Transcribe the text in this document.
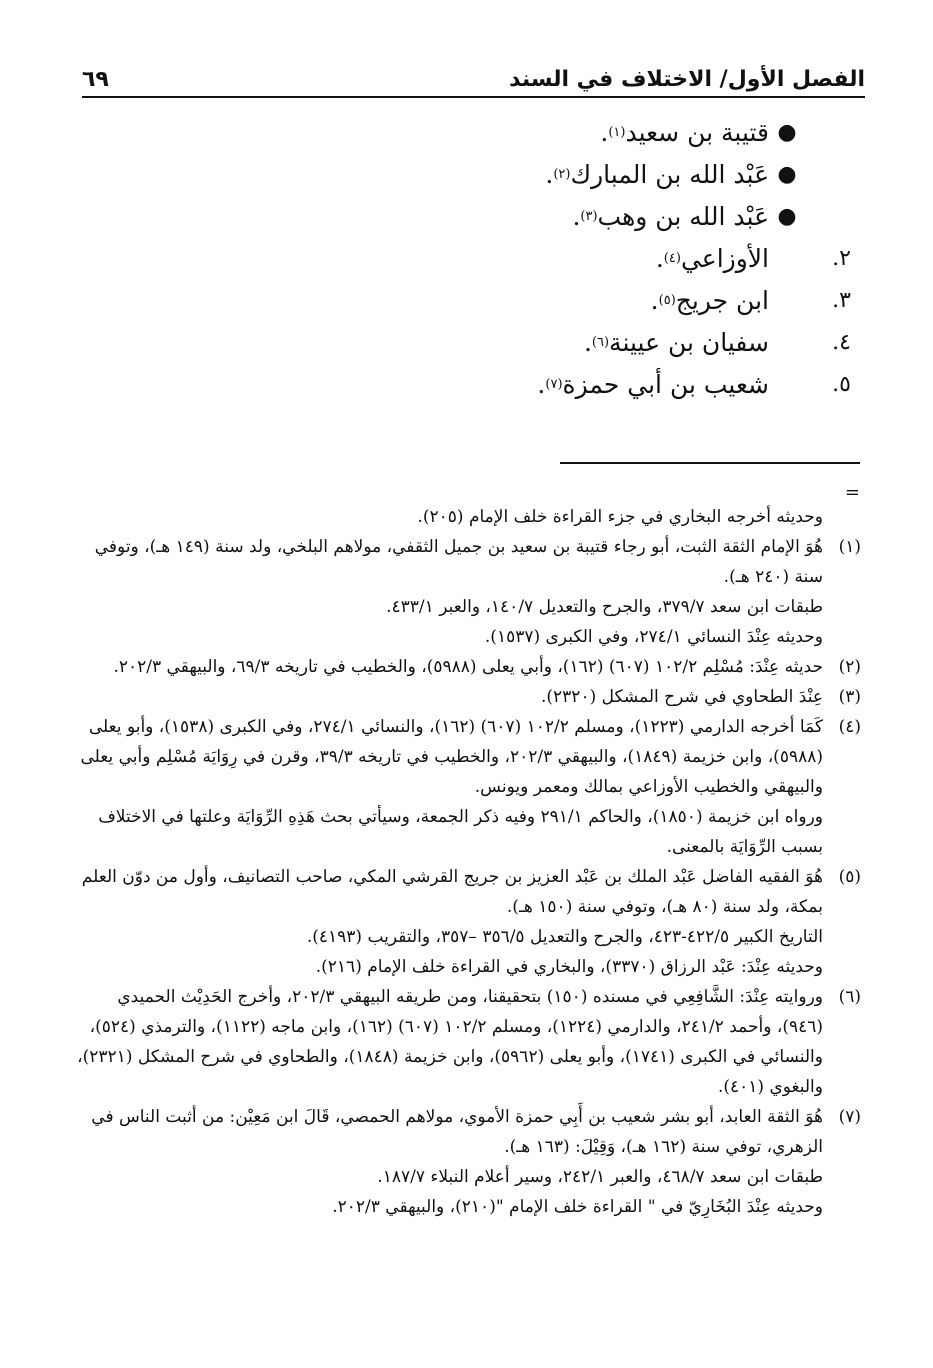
الفصل الأول/ الاختلاف في السند
٦٩
●
قتيبة بن سعيد
(١)
.
●
عَبْد الله بن المبارك
(٢)
.
●
عَبْد الله بن وهب
(٣)
.
٢.
الأوزاعي
(٤)
.
٣.
ابن جريج
(٥)
.
٤.
سفيان بن عيينة
(٦)
.
٥.
شعيب بن أبي حمزة
(٧)
.
=

وحديثه أخرجه البخاري في جزء القراءة خلف الإمام (٢٠٥).

(١)

هُوَ الإمام الثقة الثبت، أبو رجاء قتيبة بن سعيد بن جميل الثقفي، مولاهم البلخي، ولد سنة (١٤٩ هـ)، وتوفي سنة (٢٤٠ هـ).

طبقات ابن سعد ٣٧٩/٧، والجرح والتعديل ١٤٠/٧، والعبر ٤٣٣/١.

وحديثه عِنْدَ النسائي ٢٧٤/١، وفي الكبرى (١٥٣٧).

(٢)

حديثه عِنْدَ: مُسْلِم ١٠٢/٢ (٦٠٧) (١٦٢)، وأبي يعلى (٥٩٨٨)، والخطيب في تاريخه ٦٩/٣، والبيهقي ٢٠٢/٣.

(٣)

عِنْدَ الطحاوي في شرح المشكل (٢٣٢٠).

(٤)

كَمَا أخرجه الدارمي (١٢٢٣)، ومسلم ١٠٢/٢ (٦٠٧) (١٦٢)، والنسائي ٢٧٤/١، وفي الكبرى (١٥٣٨)، وأبو يعلى (٥٩٨٨)، وابن خزيمة (١٨٤٩)، والبيهقي ٢٠٢/٣، والخطيب في تاريخه ٣٩/٣، وقرن في رِوَايَة مُسْلِم وأبي يعلى والبيهقي والخطيب الأوزاعي بمالك ومعمر ويونس.

ورواه ابن خزيمة (١٨٥٠)، والحاكم ٢٩١/١ وفيه ذكر الجمعة، وسيأتي بحث هَذِهِ الرِّوَايَة وعلتها في الاختلاف بسبب الرِّوَايَة بالمعنى.

(٥)

هُوَ الفقيه الفاضل عَبْد الملك بن عَبْد العزيز بن جريج القرشي المكي، صاحب التصانيف، وأول من دوّن العلم بمكة، ولد سنة (٨٠ هـ)، وتوفي سنة (١٥٠ هـ).

التاريخ الكبير ٤٢٢/٥-٤٢٣، والجرح والتعديل ٣٥٦/٥ –٣٥٧، والتقريب (٤١٩٣).

وحديثه عِنْدَ: عَبْد الرزاق (٣٣٧٠)، والبخاري في القراءة خلف الإمام (٢١٦).

(٦)

وروايته عِنْدَ: الشَّافِعِي في مسنده (١٥٠) بتحقيقنا، ومن طريقه البيهقي ٢٠٢/٣، وأخرج الحَدِيْث الحميدي (٩٤٦)، وأحمد ٢٤١/٢، والدارمي (١٢٢٤)، ومسلم ١٠٢/٢ (٦٠٧) (١٦٢)، وابن ماجه (١١٢٢)، والترمذي (٥٢٤)، والنسائي في الكبرى (١٧٤١)، وأبو يعلى (٥٩٦٢)، وابن خزيمة (١٨٤٨)، والطحاوي في شرح المشكل (٢٣٢١)، والبغوي (٤٠١).

(٧)

هُوَ الثقة العابد، أبو بشر شعيب بن أَبِي حمزة الأموي، مولاهم الحمصي، قَالَ ابن مَعِيْن: من أثبت الناس في الزهري، توفي سنة (١٦٢ هـ)، وَقِيْلَ: (١٦٣ هـ).

طبقات ابن سعد ٤٦٨/٧، والعبر ٢٤٢/١، وسير أعلام النبلاء ١٨٧/٧.

وحديثه عِنْدَ البُخَارِيّ في " القراءة خلف الإمام "(٢١٠)، والبيهقي ٢٠٢/٣.
